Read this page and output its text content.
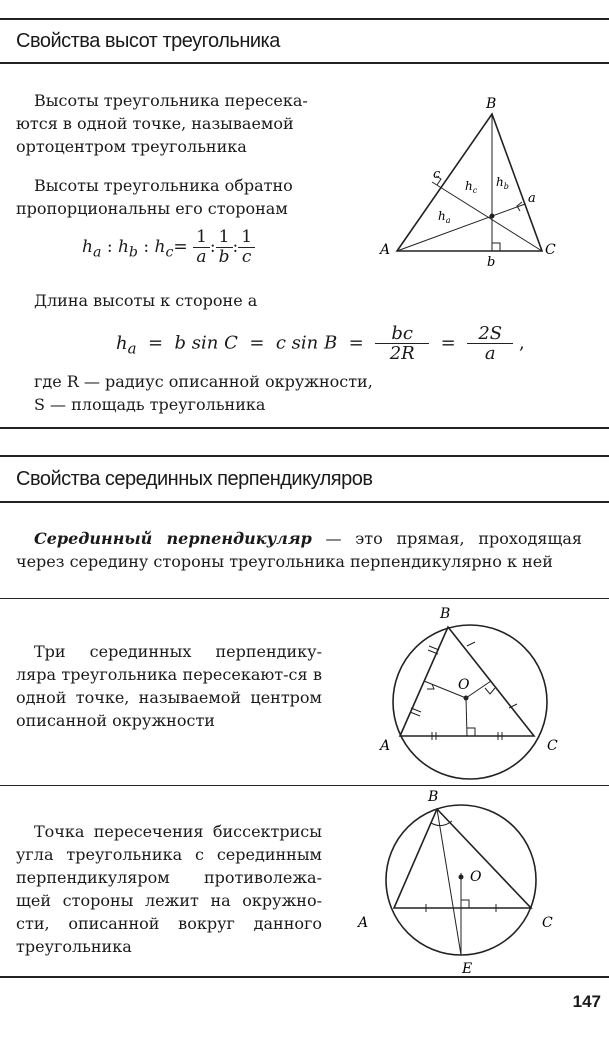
Свойства высот треугольника
Высоты треугольника пересека-ются в одной точке, называемой ортоцентром треугольника
Высоты треугольника обратно пропорциональны его сторонам
$h_a$ : $h_b$ : $h_c= \frac{1}{a}$ : $\frac{1}{b}$ : $\frac{1}{c}$
Длина высоты к стороне a
$h_a = b$ sin C  =  c $\sin B = \frac{bc}{2R} = \frac{2S}{a}$ ,
где R — радиус описанной окружности,
S — площадь треугольника
B
A	C
a
b
c	$h_b$
$h_c$
$h_a$
Свойства серединных перпендикуляров
Серединный перпендикуляр — это прямая, проходящая через середину стороны треугольника перпендикулярно к ней
Три серединных перпендику-ляра треугольника пересекают-ся в одной точке, называемой центром описанной окружности
B
A	C
O
Точка пересечения биссектрисы угла треугольника с серединным перпендикуляром противолежа-щей стороны лежит на окружно-сти, описанной вокруг данного треугольника
B
A	C
O
E
147
